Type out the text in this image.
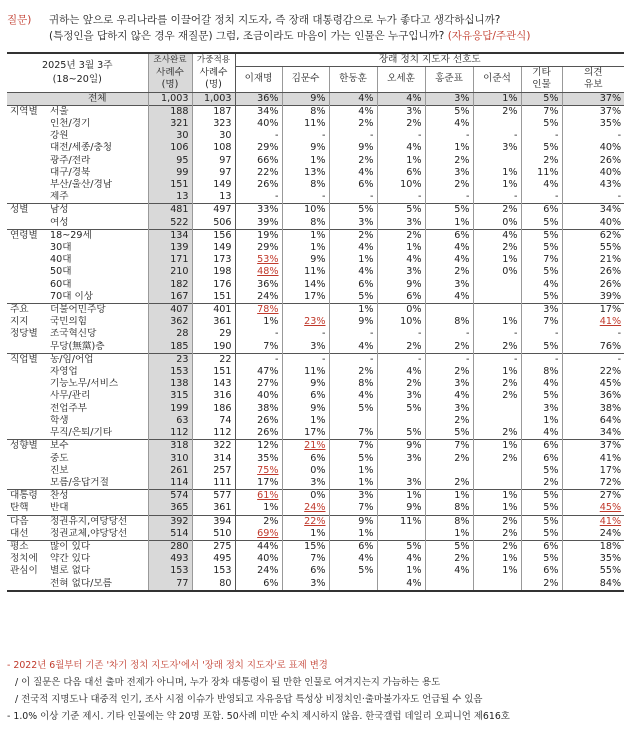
질문) 귀하는 앞으로 우리나라를 이끌어갈 정치 지도자, 즉 장래 대통령감으로 누가 좋다고 생각하십니까?
(특정인을 답하지 않은 경우 재질문) 그럼, 조금이라도 마음이 가는 인물은 누구입니까? (자유응답/주관식)
2025년 3월 3주
(18~20일)		조사완료	가중적용	장래 정치 지도자 선호도							
		사례수	사례수	이재명	김문수	한동훈	오세훈	홍준표	이준석	기타	의견
		(명)	(명)							인물	유보
	전체	1,003	1,003	36%	9%	4%	4%	3%	1%	5%	37%
지역별	서울	188	187	34%	8%	4%	3%	5%	2%	7%	37%
	인천/경기	321	323	40%	11%	2%	2%	4%		5%	35%
	강원	30	30	-	-	-	-	-	-	-	-
	대전/세종/충청	106	108	29%	9%	9%	4%	1%	3%	5%	40%
	광주/전라	95	97	66%	1%	2%	1%	2%		2%	26%
	대구/경북	99	97	22%	13%	4%	6%	3%	1%	11%	40%
	부산/울산/경남	151	149	26%	8%	6%	10%	2%	1%	4%	43%
	제주	13	13	-	-	-	-	-	-	-	-
성별	남성	481	497	33%	10%	5%	5%	5%	2%	6%	34%
	여성	522	506	39%	8%	3%	3%	1%	0%	5%	40%
연령별	18~29세	134	156	19%	1%	2%	2%	6%	4%	5%	62%
	30대	139	149	29%	1%	4%	1%	4%	2%	5%	55%
	40대	171	173	53%	9%	1%	4%	4%	1%	7%	21%
	50대	210	198	48%	11%	4%	3%	2%	0%	5%	26%
	60대	182	176	36%	14%	6%	9%	3%		4%	26%
	70대 이상	167	151	24%	17%	5%	6%	4%		5%	39%
주요	더불어민주당	407	401	78%		1%	0%			3%	17%
지지	국민의힘	362	361	1%	23%	9%	10%	8%	1%	7%	41%
정당별	조국혁신당	28	29	-	-	-	-	-	-	-	-
	무당(無黨)층	185	190	7%	3%	4%	2%	2%	2%	5%	76%
직업별	농/임/어업	23	22	-	-	-	-	-	-	-	-
	자영업	153	151	47%	11%	2%	4%	2%	1%	8%	22%
	기능노무/서비스	138	143	27%	9%	8%	2%	3%	2%	4%	45%
	사무/관리	315	316	40%	6%	4%	3%	4%	2%	5%	36%
	전업주부	199	186	38%	9%	5%	5%	3%		3%	38%
	학생	63	74	26%	1%			2%		1%	64%
	무직/은퇴/기타	112	112	26%	17%	7%	5%	5%	2%	4%	34%
성향별	보수	318	322	12%	21%	7%	9%	7%	1%	6%	37%
	중도	310	314	35%	6%	5%	3%	2%	2%	6%	41%
	진보	261	257	75%	0%	1%				5%	17%
	모름/응답거절	114	111	17%	3%	1%	3%	2%		2%	72%
대통령	찬성	574	577	61%	0%	3%	1%	1%	1%	5%	27%
탄핵	반대	365	361	1%	24%	7%	9%	8%	1%	5%	45%
다음	정권유지,여당당선	392	394	2%	22%	9%	11%	8%	2%	5%	41%
대선	정권교체,야당당선	514	510	69%	1%	1%		1%	2%	5%	24%
평소	많이 있다	280	275	44%	15%	6%	5%	5%	2%	6%	18%
정치에	약간 있다	493	495	40%	7%	4%	4%	2%	1%	5%	35%
관심이	별로 없다	153	153	24%	6%	5%	1%	4%	1%	6%	55%
	전혀 없다/모름	77	80	6%	3%		4%			2%	84%
- 2022년 6월부터 기존 '차기 정치 지도자'에서 '장래 정치 지도자'로 표제 변경
/ 이 질문은 다음 대선 출마 전제가 아니며, 누가 장차 대통령이 될 만한 인물로 여겨지는지 가늠하는 용도
/ 전국적 지명도나 대중적 인기, 조사 시점 이슈가 반영되고 자유응답 특성상 비정치인·출마불가자도 언급될 수 있음
- 1.0% 이상 기준 제시. 기타 인물에는 약 20명 포함. 50사례 미만 수치 제시하지 않음. 한국갤럽 데일리 오피니언 제616호
